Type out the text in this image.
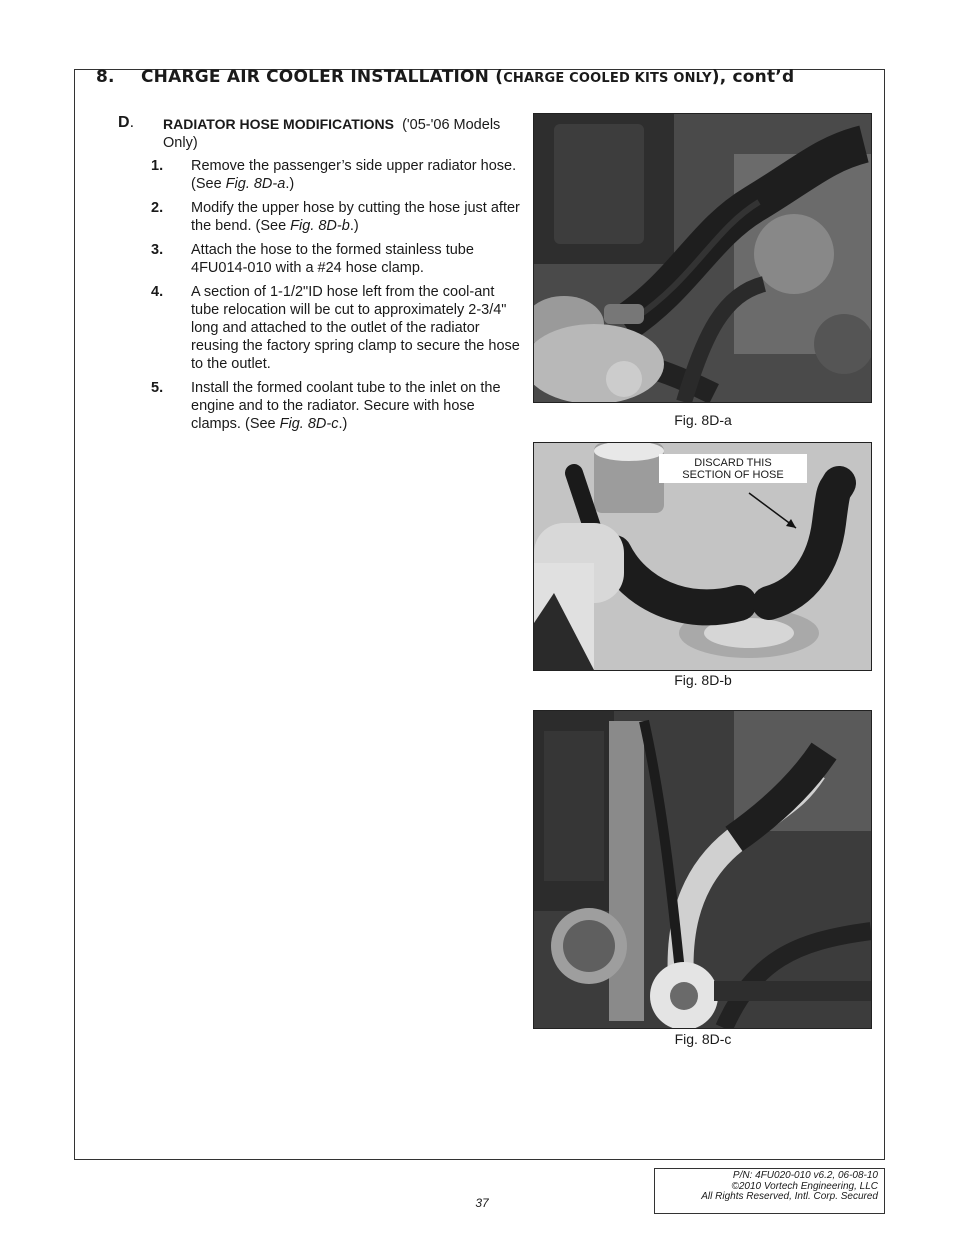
8. CHARGE AIR COOLER INSTALLATION (CHARGE COOLED KITS ONLY), cont’d
D. RADIATOR HOSE MODIFICATIONS ('05-'06 Models Only)
1.	Remove the passenger’s side upper radiator hose. (See Fig. 8D-a.)
2.	Modify the upper hose by cutting the hose just after the bend. (See Fig. 8D-b.)
3.	Attach the hose to the formed stainless tube 4FU014-010 with a #24 hose clamp.
4.	A section of 1-1/2"ID hose left from the cool-ant tube relocation will be cut to approximately 2-3/4" long and attached to the outlet of the radiator reusing the factory spring clamp to secure the hose to the outlet.
5.	Install the formed coolant tube to the inlet on the engine and to the radiator. Secure with hose clamps. (See Fig. 8D-c.)	Fig. 8D-a
DISCARD THIS
SECTION OF HOSE
Fig. 8D-b
Fig. 8D-c
37
P/N: 4FU020-010 v6.2, 06-08-10
©2010 Vortech Engineering, LLC
All Rights Reserved, Intl. Corp. Secured
